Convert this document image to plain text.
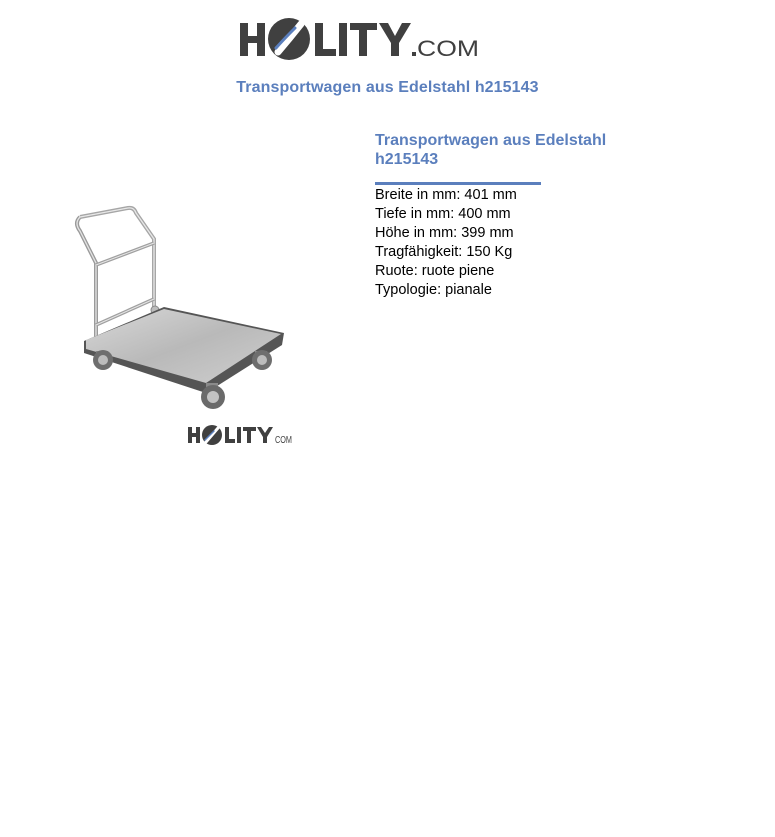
COM
Transportwagen aus Edelstahl h215143
COM
Transportwagen aus Edelstahl h215143
Breite in mm: 401 mm
Tiefe in mm: 400 mm
Höhe in mm: 399 mm
Tragfähigkeit: 150 Kg
Ruote: ruote piene
Typologie: pianale
